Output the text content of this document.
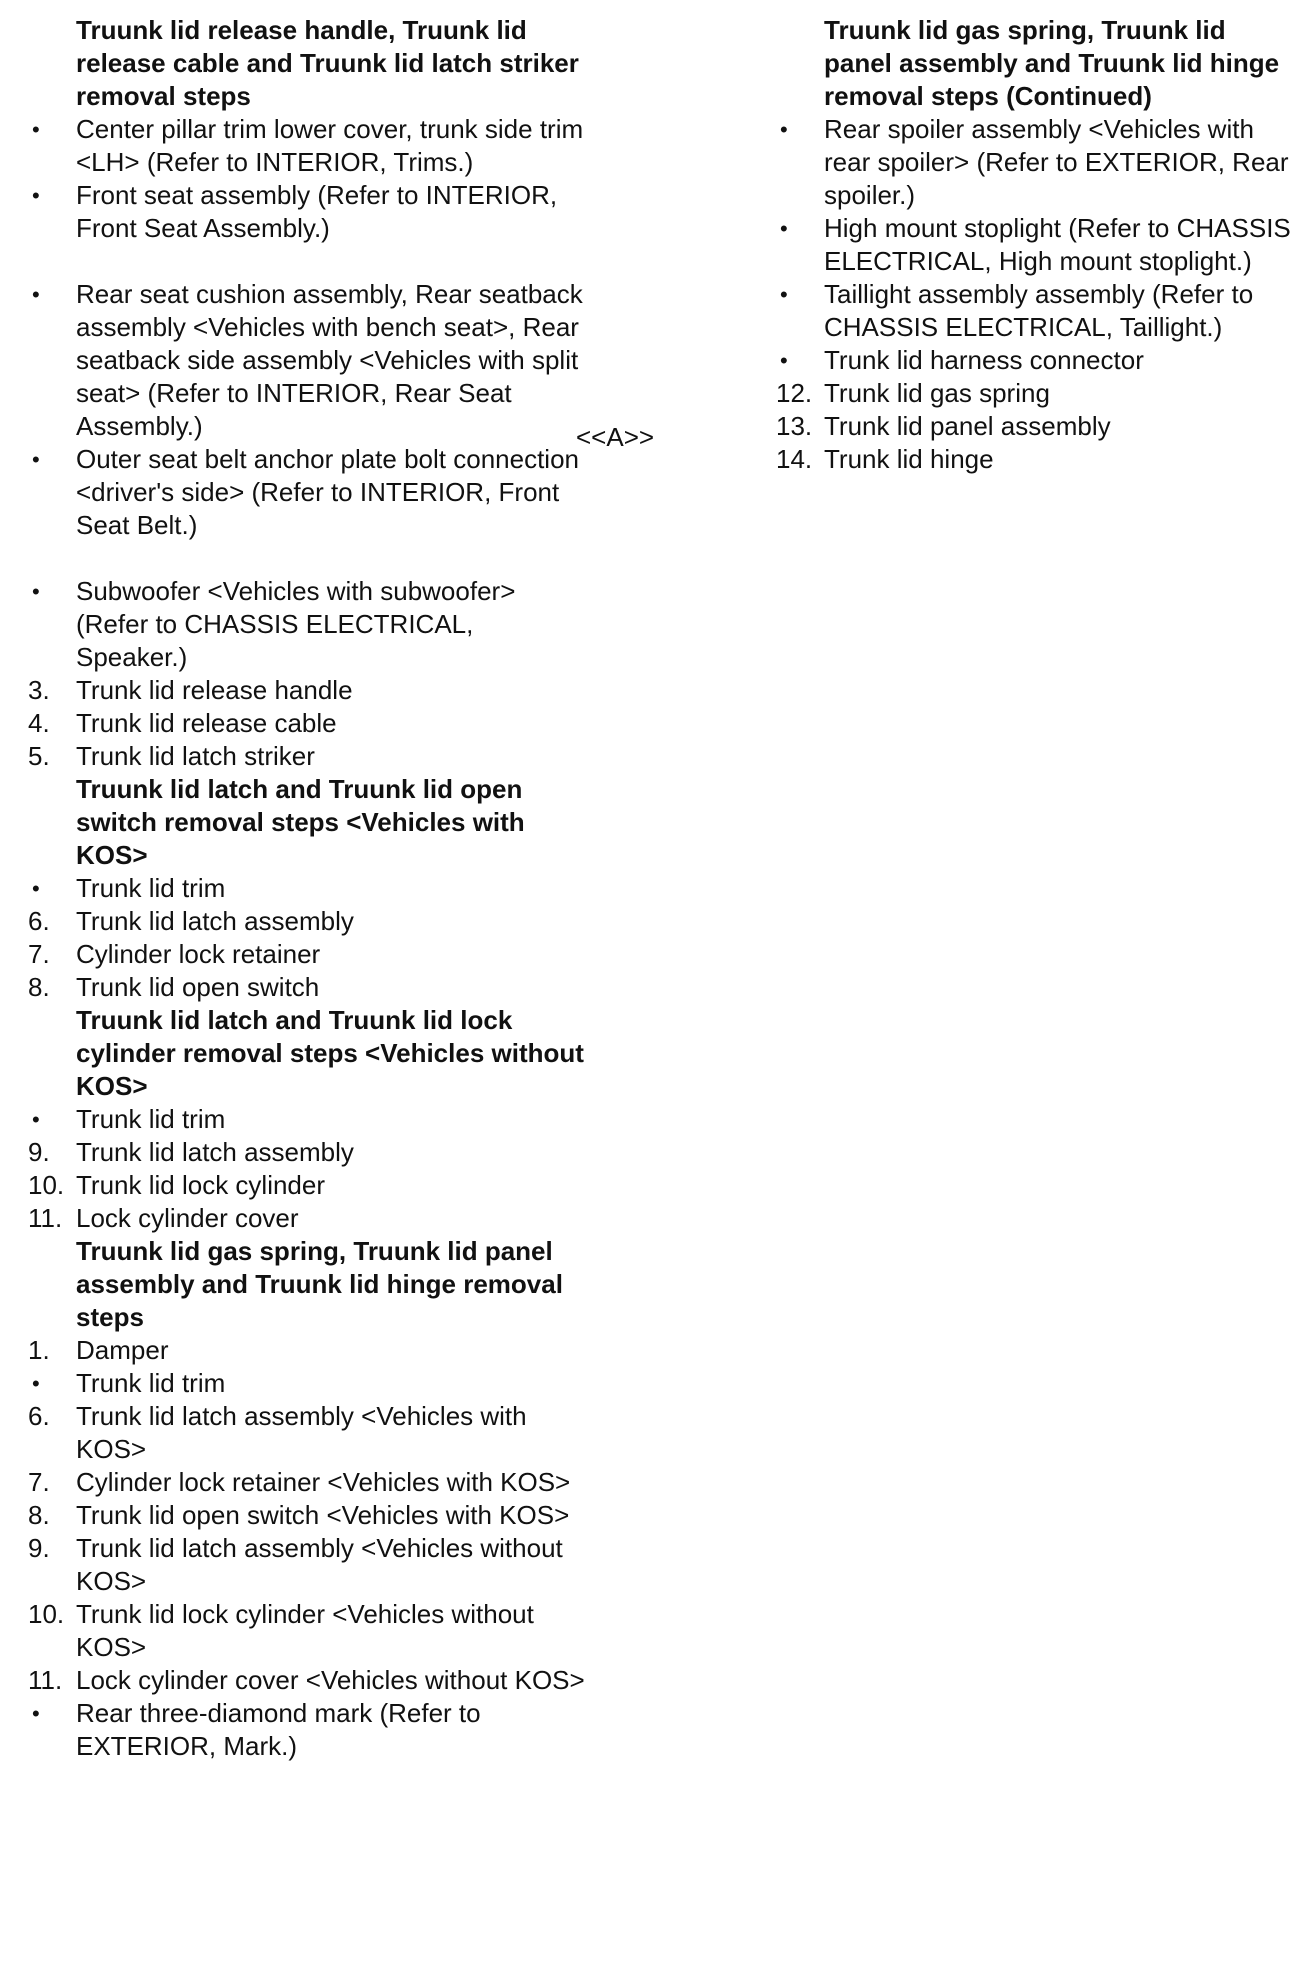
Truunk lid release handle, Truunk lid release cable and Truunk lid latch striker removal steps
•	Center pillar trim lower cover, trunk side trim <LH> (Refer to INTERIOR, Trims.)
•	Front seat assembly (Refer to INTERIOR, Front Seat Assembly.)
•	Rear seat cushion assembly, Rear seatback assembly <Vehicles with bench seat>, Rear seatback side assembly <Vehicles with split seat> (Refer to INTERIOR, Rear Seat Assembly.)
•	Outer seat belt anchor plate bolt connection <driver's side> (Refer to INTERIOR, Front Seat Belt.)
•	Subwoofer <Vehicles with subwoofer> (Refer to CHASSIS ELECTRICAL, Speaker.)
3.	Trunk lid release handle
4.	Trunk lid release cable
5.	Trunk lid latch striker
Truunk lid latch and Truunk lid open switch removal steps <Vehicles with KOS>
•	Trunk lid trim
6.	Trunk lid latch assembly
7.	Cylinder lock retainer
8.	Trunk lid open switch
Truunk lid latch and Truunk lid lock cylinder removal steps <Vehicles without KOS>
•	Trunk lid trim
9.	Trunk lid latch assembly
10. Trunk lid lock cylinder
11. Lock cylinder cover
Truunk lid gas spring, Truunk lid panel assembly and Truunk lid hinge removal steps
1.	Damper
•	Trunk lid trim
6.	Trunk lid latch assembly <Vehicles with KOS>
7.	Cylinder lock retainer <Vehicles with KOS>
8.	Trunk lid open switch <Vehicles with KOS>
9.	Trunk lid latch assembly <Vehicles without KOS>
10. Trunk lid lock cylinder <Vehicles without KOS>
11. Lock cylinder cover <Vehicles without KOS>
•	Rear three-diamond mark (Refer to EXTERIOR, Mark.)
Truunk lid gas spring, Truunk lid panel assembly and Truunk lid hinge removal steps (Continued)
•	Rear spoiler assembly <Vehicles with rear spoiler> (Refer to EXTERIOR, Rear spoiler.)
•	High mount stoplight (Refer to CHASSIS ELECTRICAL, High mount stoplight.)
•	Taillight assembly assembly (Refer to CHASSIS ELECTRICAL, Taillight.)
•	Trunk lid harness connector
12. Trunk lid gas spring
13. Trunk lid panel assembly
14. Trunk lid hinge
<<A>>
